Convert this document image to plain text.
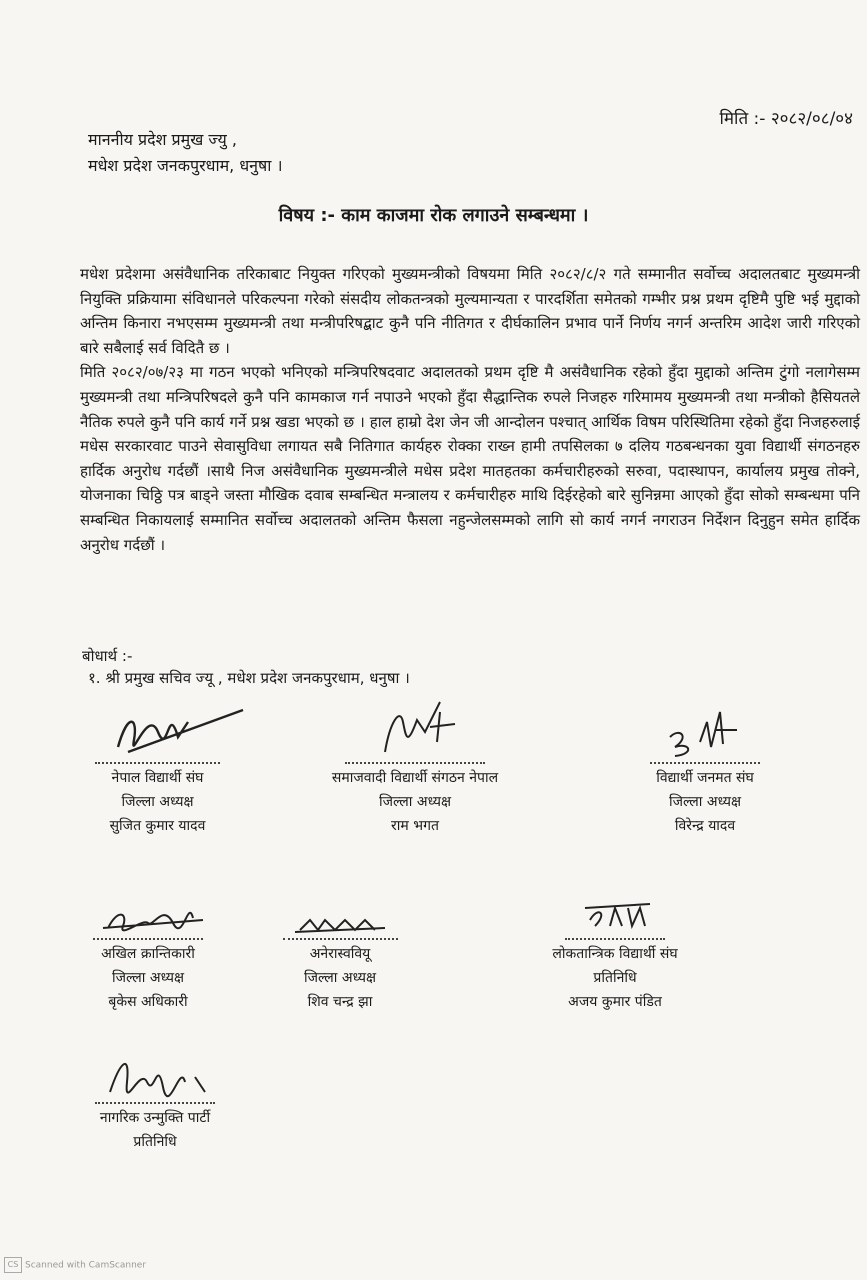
मिति :- २०८२/०८/०४
माननीय प्रदेश प्रमुख ज्यु ,
मधेश प्रदेश जनकपुरधाम, धनुषा ।
विषय :- काम काजमा रोक लगाउने सम्बन्धमा ।

मधेश प्रदेशमा असंवैधानिक तरिकाबाट नियुक्त गरिएको मुख्यमन्त्रीको विषयमा मिति २०८२/८/२ गते सम्मानीत सर्वोच्च अदालतबाट मुख्यमन्त्री नियुक्ति प्रक्रियामा संविधानले परिकल्पना गरेको संसदीय लोकतन्त्रको मुल्यमान्यता र पारदर्शिता समेतको गम्भीर प्रश्न प्रथम दृष्टिमै पुष्टि भई मुद्दाको अन्तिम किनारा नभएसम्म मुख्यमन्त्री तथा मन्त्रीपरिषद्बाट कुनै पनि नीतिगत र दीर्घकालिन प्रभाव पार्ने निर्णय नगर्न अन्तरिम आदेश जारी गरिएको बारे सबैलाई सर्व विदितै छ ।

मिति २०८२/०७/२३ मा गठन भएको भनिएको मन्त्रिपरिषदवाट अदालतको प्रथम दृष्टि मै असंवैधानिक रहेको हुँदा मुद्दाको अन्तिम टुंगो नलागेसम्म मुख्यमन्त्री तथा मन्त्रिपरिषदले कुनै पनि कामकाज गर्न नपाउने भएको हुँदा सैद्धान्तिक रुपले निजहरु गरिमामय मुख्यमन्त्री तथा मन्त्रीको हैसियतले नैतिक रुपले कुनै पनि कार्य गर्ने प्रश्न खडा भएको छ । हाल हाम्रो देश जेन जी आन्दोलन पश्चात् आर्थिक विषम परिस्थितिमा रहेको हुँदा निजहरुलाई मधेस सरकारवाट पाउने सेवासुविधा लगायत सबै नितिगात कार्यहरु रोक्का राख्न हामी तपसिलका ७ दलिय गठबन्धनका युवा विद्यार्थी संगठनहरु हार्दिक अनुरोध गर्दछौं ।साथै निज असंवैधानिक मुख्यमन्त्रीले मधेस प्रदेश मातहतका कर्मचारीहरुको सरुवा, पदास्थापन, कार्यालय प्रमुख तोक्ने, योजनाका चिठ्ठि पत्र बाड्ने जस्ता मौखिक दवाब सम्बन्धित मन्त्रालय र कर्मचारीहरु माथि दिईरहेको बारे सुनिन्नमा आएको हुँदा सोको सम्बन्धमा पनि सम्बन्धित निकायलाई सम्मानित सर्वोच्च अदालतको अन्तिम फैसला नहुन्जेलसम्मको लागि सो कार्य नगर्न नगराउन निर्देशन दिनुहुन समेत हार्दिक अनुरोध गर्दछौं ।

बोधार्थ :-
१. श्री प्रमुख सचिव ज्यू , मधेश प्रदेश जनकपुरधाम, धनुषा ।
नेपाल विद्यार्थी संघ
जिल्ला अध्यक्ष
सुजित कुमार यादव
समाजवादी विद्यार्थी संगठन नेपाल
जिल्ला अध्यक्ष
राम भगत
विद्यार्थी जनमत संघ
जिल्ला अध्यक्ष
विरेन्द्र यादव
अखिल क्रान्तिकारी
जिल्ला अध्यक्ष
बृकेस अधिकारी
अनेरास्ववियू
जिल्ला अध्यक्ष
शिव चन्द्र झा
लोकतान्त्रिक विद्यार्थी संघ
प्रतिनिधि
अजय कुमार पंडित
नागरिक उन्मुक्ति पार्टी
प्रतिनिधि
CS Scanned with CamScanner
